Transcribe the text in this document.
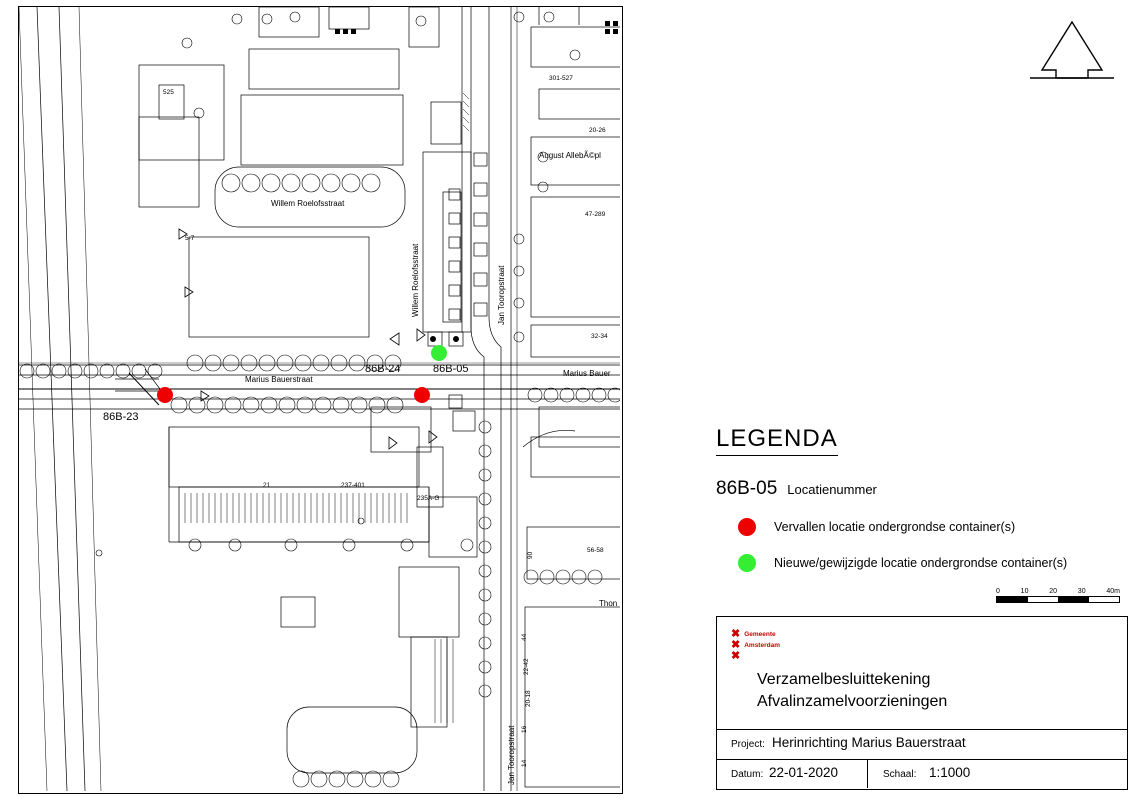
Willem Roelofsstraat
Willem Roelofsstraat	Jan Tooropstraat
Jan Tooropstraat
Marius Bauerstraat
Marius Bauer
August AllebÃ©pl
Thon
525
5-7
301-527
20-26
47-289
32-34
21	237-401
235A-G
90
56-58
44
22-42
20-18
16
14
86B-05
86B-24
86B-23
LEGENDA
86B-05 Locatienummer
Vervallen locatie ondergrondse container(s)
Nieuwe/gewijzigde locatie ondergrondse container(s)
0	10	20	30	40m
✖ Gemeente
✖ Amsterdam
✖
Verzamelbesluittekening
Afvalinzamelvoorzieningen
Project: Herinrichting Marius Bauerstraat
Datum: 22-01-2020	Schaal: 1:1000
